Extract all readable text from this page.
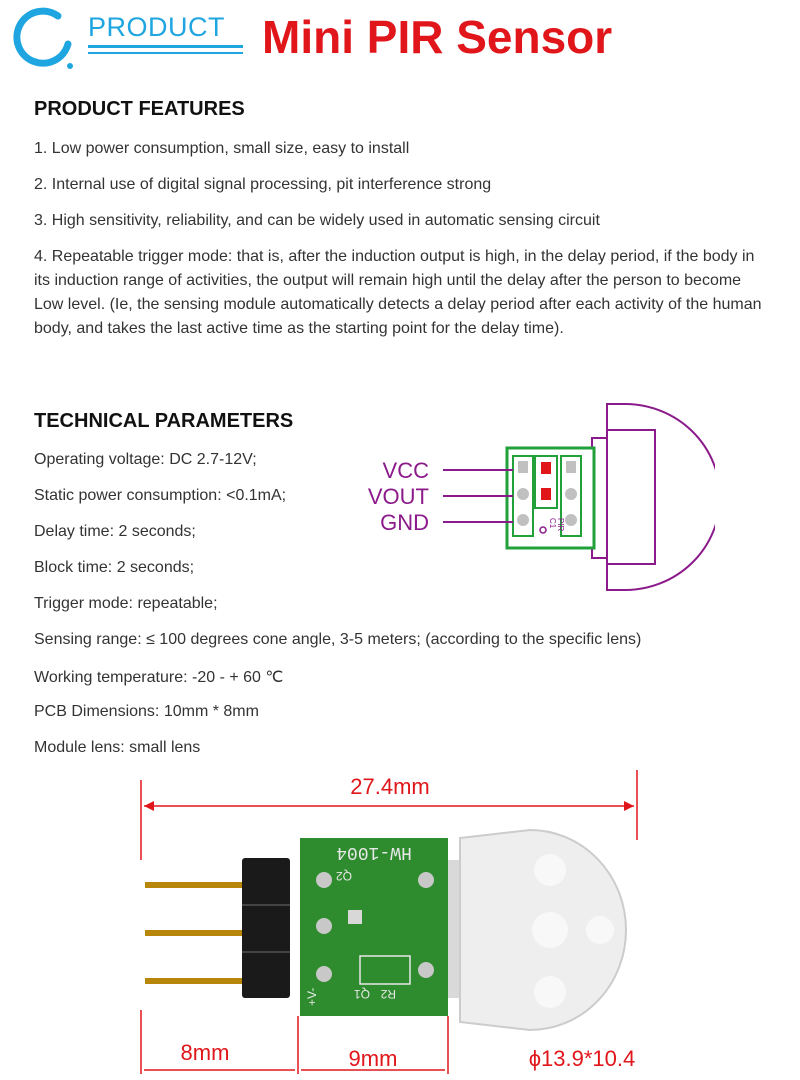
PRODUCT Mini PIR Sensor
PRODUCT FEATURES
1. Low power consumption, small size, easy to install
2. Internal use of digital signal processing, pit interference strong
3. High sensitivity, reliability, and can be widely used in automatic sensing circuit
4. Repeatable trigger mode: that is, after the induction output is high, in the delay period, if the body in its induction range of activities, the output will remain high until the delay after the person to become Low level. (Ie, the sensing module automatically detects a delay period after each activity of the human body, and takes the last active time as the starting point for the delay time).
TECHNICAL PARAMETERS
Operating voltage: DC 2.7-12V;
Static power consumption: <0.1mA;
Delay time: 2 seconds;
Block time: 2 seconds;
Trigger mode: repeatable;
Sensing range: ≤ 100 degrees cone angle, 3-5 meters; (according to the specific lens)
Working temperature: -20 - + 60 ℃
PCB Dimensions: 10mm * 8mm
Module lens: small lens
C1 PIR
VCC
VOUT
GND
27.4mm
HW-1004
Q2
Q1 R2
+V-
8mm	9mm	ϕ13.9*10.4
